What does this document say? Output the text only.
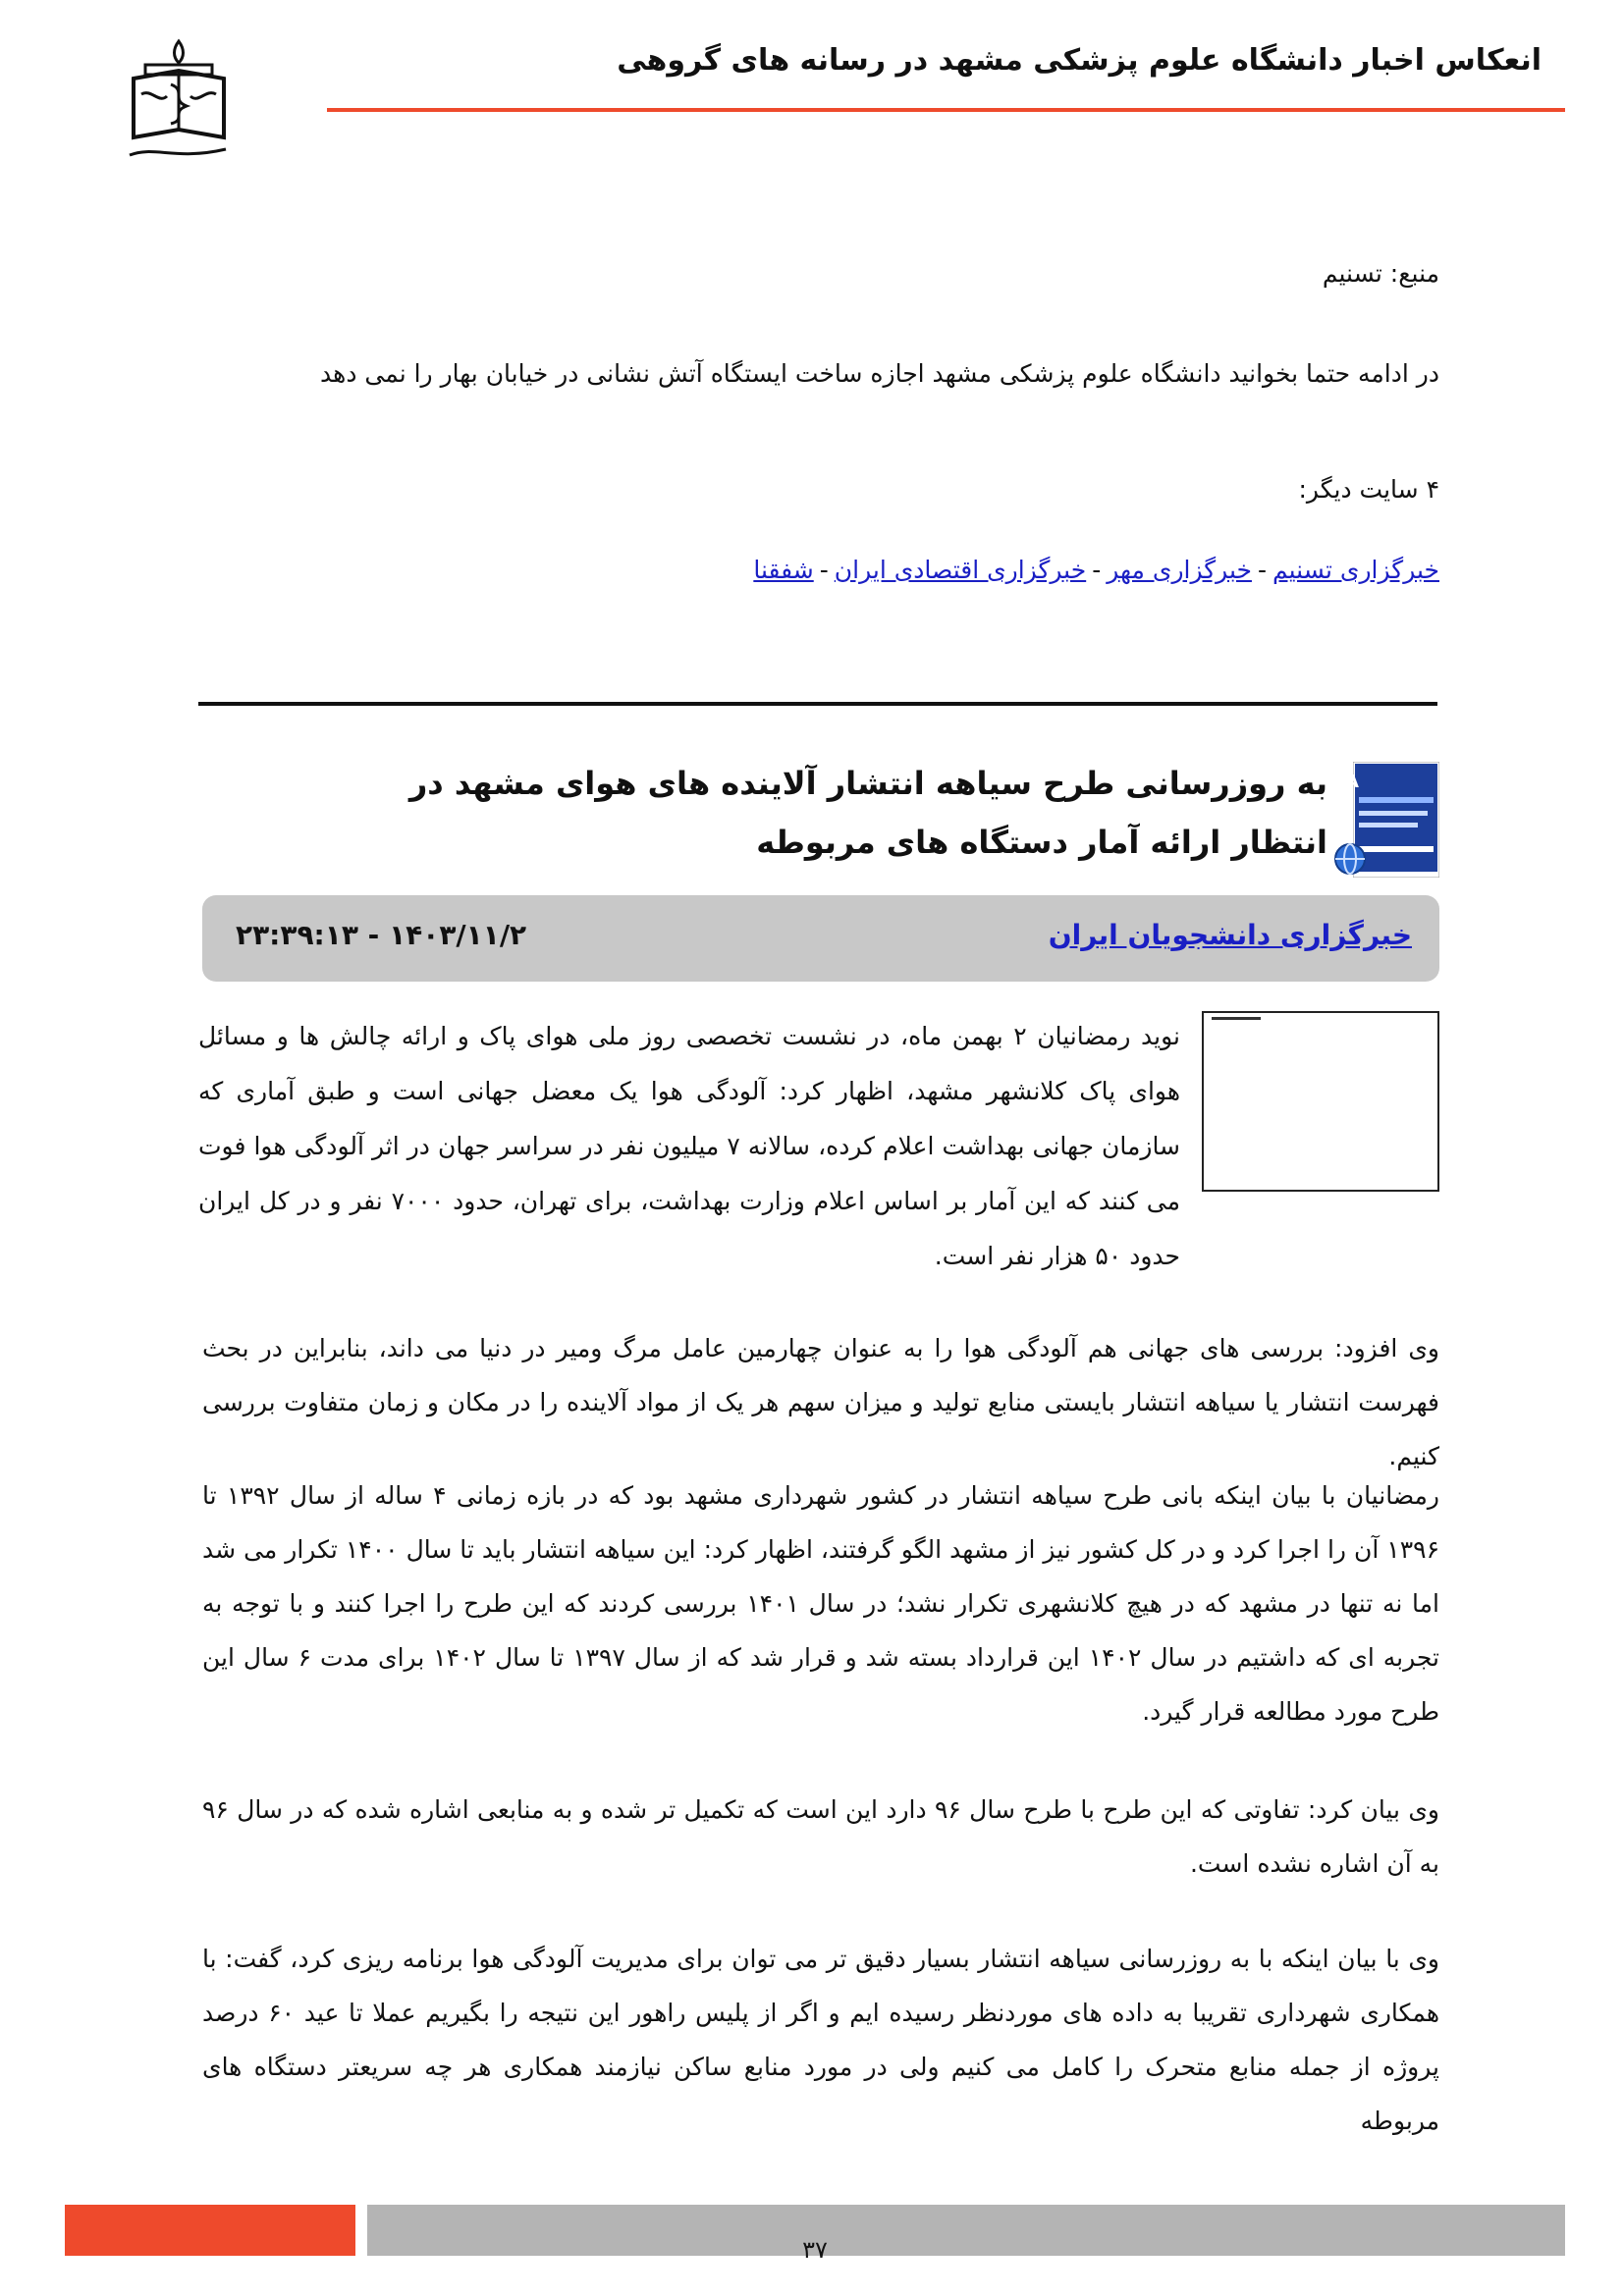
انعکاس اخبار دانشگاه علوم پزشکی مشهد در رسانه های گروهی
منبع: تسنیم
در ادامه حتما بخوانید دانشگاه علوم پزشکی مشهد اجازه ساخت ایستگاه آتش نشانی در خیابان بهار را نمی دهد
۴ سایت دیگر:
خبرگزاری تسنیم-خبرگزاری مهر-خبرگزاری اقتصادی ایران-شفقنا
به روزرسانی طرح سیاهه انتشار آلاینده های هوای مشهد در انتظار ارائه آمار دستگاه های مربوطه
خبرگزاری دانشجویان ایران
۱۴۰۳/۱۱/۲ - ۲۳:۳۹:۱۳
نوید رمضانیان ۲ بهمن ماه، در نشست تخصصی روز ملی هوای پاک و ارائه چالش ها و مسائل هوای پاک کلانشهر مشهد، اظهار کرد: آلودگی هوا یک معضل جهانی است و طبق آماری که سازمان جهانی بهداشت اعلام کرده، سالانه ۷ میلیون نفر در سراسر جهان در اثر آلودگی هوا فوت می کنند که این آمار بر اساس اعلام وزارت بهداشت، برای تهران، حدود ۷۰۰۰ نفر و در کل ایران حدود ۵۰ هزار نفر است.
وی افزود: بررسی های جهانی هم آلودگی هوا را به عنوان چهارمین عامل مرگ ومیر در دنیا می داند، بنابراین در بحث فهرست انتشار یا سیاهه انتشار بایستی منابع تولید و میزان سهم هر یک از مواد آلاینده را در مکان و زمان متفاوت بررسی کنیم.
رمضانیان با بیان اینکه بانی طرح سیاهه انتشار در کشور شهرداری مشهد بود که در بازه زمانی ۴ ساله از سال ۱۳۹۲ تا ۱۳۹۶ آن را اجرا کرد و در کل کشور نیز از مشهد الگو گرفتند، اظهار کرد: این سیاهه انتشار باید تا سال ۱۴۰۰ تکرار می شد اما نه تنها در مشهد که در هیچ کلانشهری تکرار نشد؛ در سال ۱۴۰۱ بررسی کردند که این طرح را اجرا کنند و با توجه به تجربه ای که داشتیم در سال ۱۴۰۲ این قرارداد بسته شد و قرار شد که از سال ۱۳۹۷ تا سال ۱۴۰۲ برای مدت ۶ سال این طرح مورد مطالعه قرار گیرد.
وی بیان کرد: تفاوتی که این طرح با طرح سال ۹۶ دارد این است که تکمیل تر شده و به منابعی اشاره شده که در سال ۹۶ به آن اشاره نشده است.
وی با بیان اینکه با به روزرسانی سیاهه انتشار بسیار دقیق تر می توان برای مدیریت آلودگی هوا برنامه ریزی کرد، گفت: با همکاری شهرداری تقریبا به داده های موردنظر رسیده ایم و اگر از پلیس راهور این نتیجه را بگیریم عملا تا عید ۶۰ درصد پروژه از جمله منابع متحرک را کامل می کنیم ولی در مورد منابع ساکن نیازمند همکاری هر چه سریعتر دستگاه های مربوطه
۳۷
